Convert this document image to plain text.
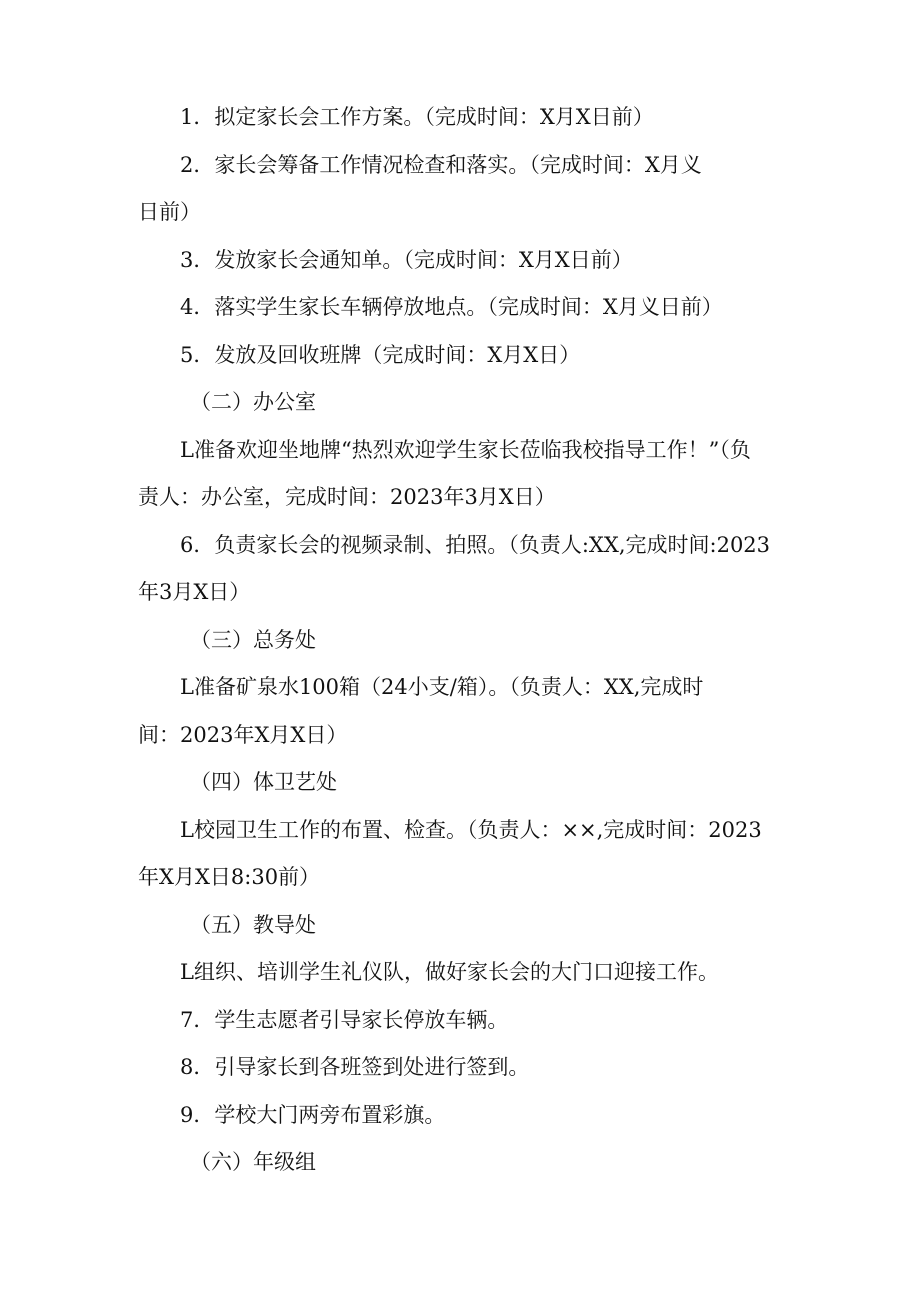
1．拟定家长会工作方案。（完成时间：X月X日前）
2．家长会筹备工作情况检查和落实。（完成时间：X月义
日前）
3．发放家长会通知单。（完成时间：X月X日前）
4．落实学生家长车辆停放地点。（完成时间：X月义日前）
5．发放及回收班牌（完成时间：X月X日）
（二）办公室
L准备欢迎坐地牌“热烈欢迎学生家长莅临我校指导工作！”（负
责人：办公室，完成时间：2023年3月X日）
6．负责家长会的视频录制、拍照。（负责人:XX,完成时间:2023
年3月X日）
（三）总务处
L准备矿泉水100箱（24小支/箱）。（负责人：XX,完成时
间：2023年X月X日）
（四）体卫艺处
L校园卫生工作的布置、检查。（负责人：××,完成时间：2023
年X月X日8:30前）
（五）教导处
L组织、培训学生礼仪队，做好家长会的大门口迎接工作。
7．学生志愿者引导家长停放车辆。
8．引导家长到各班签到处进行签到。
9．学校大门两旁布置彩旗。
（六）年级组
